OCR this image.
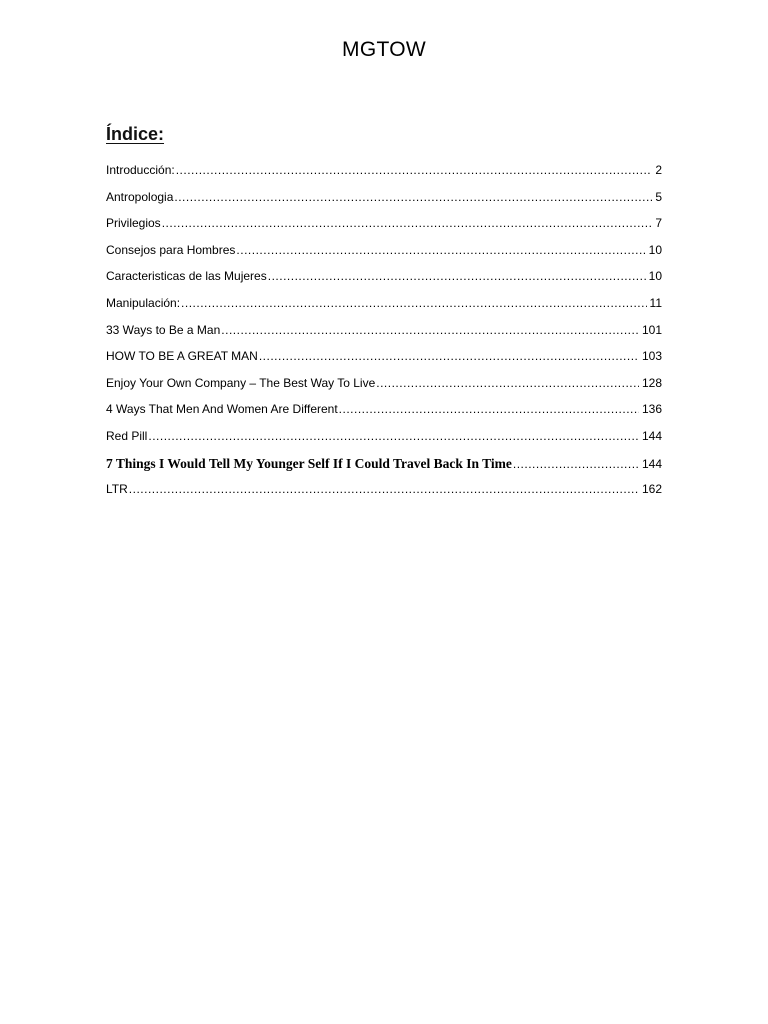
MGTOW
Índice:
Introducción: .....	2
Antropologia .....	5
Privilegios .....	7
Consejos para Hombres .....	10
Caracteristicas de las Mujeres .....	10
Manipulación: .....	11
33 Ways to Be a Man .....	101
HOW TO BE A GREAT MAN .....	103
Enjoy Your Own Company – The Best Way To Live .....	128
4 Ways That Men And Women Are Different .....	136
Red Pill .....	144
7 Things I Would Tell My Younger Self If I Could Travel Back In Time .....	144
LTR .....	162
